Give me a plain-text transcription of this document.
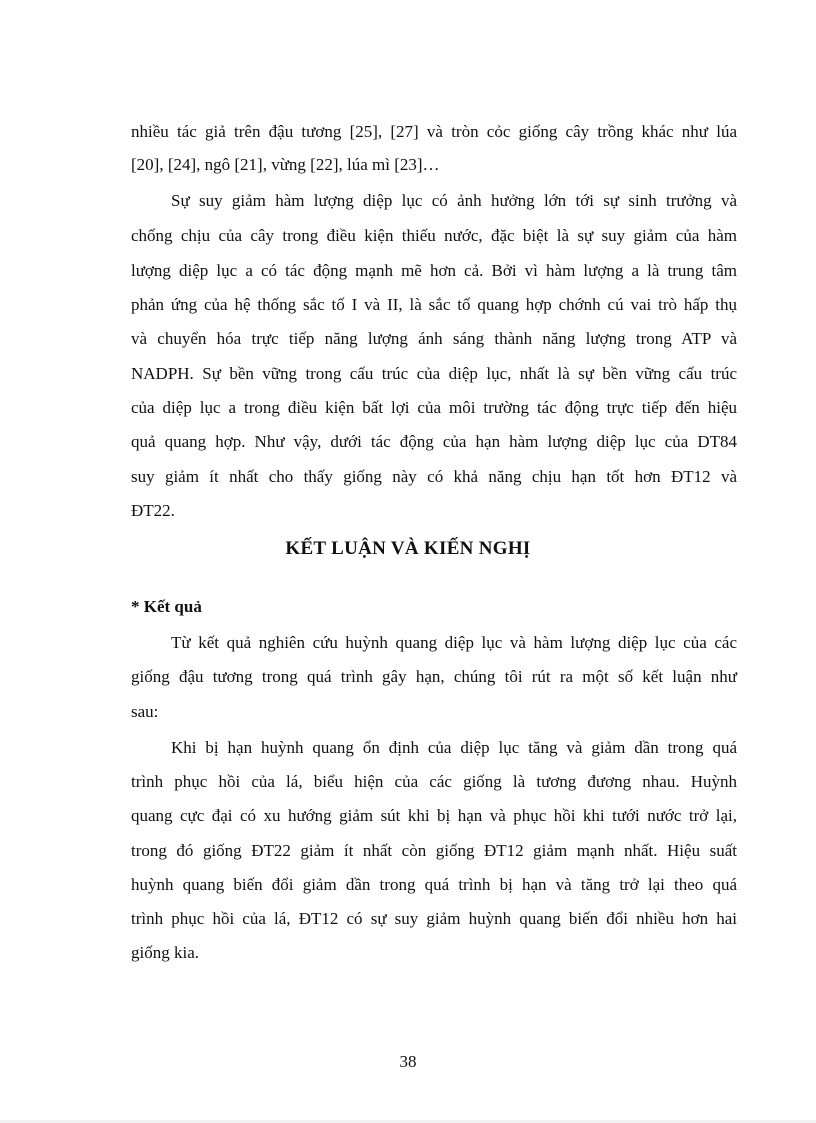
nhiều tác giả trên đậu tương [25], [27] và tròn cỏc giống cây trồng khác như lúa
[20], [24], ngô [21], vừng [22], lúa mì [23]…
Sự suy giảm hàm lượng diệp lục có ảnh hưởng lớn tới sự sinh trưởng và
chống chịu của cây trong điều kiện thiếu nước, đặc biệt là sự suy giảm của hàm
lượng diệp lục a có tác động mạnh mẽ hơn cả. Bởi vì hàm lượng a là trung tâm
phản ứng của hệ thống sắc tố I và II, là sắc tố quang hợp chớnh cú vai trò hấp thụ
và chuyển hóa trực tiếp năng lượng ánh sáng thành năng lượng trong ATP và
NADPH. Sự bền vững trong cấu trúc của diệp lục, nhất là sự bền vững cấu trúc
của diệp lục a trong điều kiện bất lợi của môi trường tác động trực tiếp đến hiệu
quả quang hợp. Như vậy, dưới tác động của hạn hàm lượng diệp lục của DT84
suy giảm ít nhất cho thấy giống này có khả năng chịu hạn tốt hơn ĐT12 và
ĐT22.
KẾT LUẬN VÀ KIẾN NGHỊ
* Kết quả
Từ kết quả nghiên cứu huỳnh quang diệp lục và hàm lượng diệp lục của các
giống đậu tương trong quá trình gây hạn, chúng tôi rút ra một số kết luận như
sau:
Khi bị hạn huỳnh quang ổn định của diệp lục tăng và giảm dần trong quá
trình phục hồi của lá, biểu hiện của các giống là tương đương nhau. Huỳnh
quang cực đại có xu hướng giảm sút khi bị hạn và phục hồi khi tưới nước trở lại,
trong đó giống ĐT22 giảm ít nhất còn giống ĐT12 giảm mạnh nhất. Hiệu suất
huỳnh quang biến đổi giảm dần trong quá trình bị hạn và tăng trở lại theo quá
trình phục hồi của lá, ĐT12 có sự suy giảm huỳnh quang biến đổi nhiều hơn hai
giống kia.
38
